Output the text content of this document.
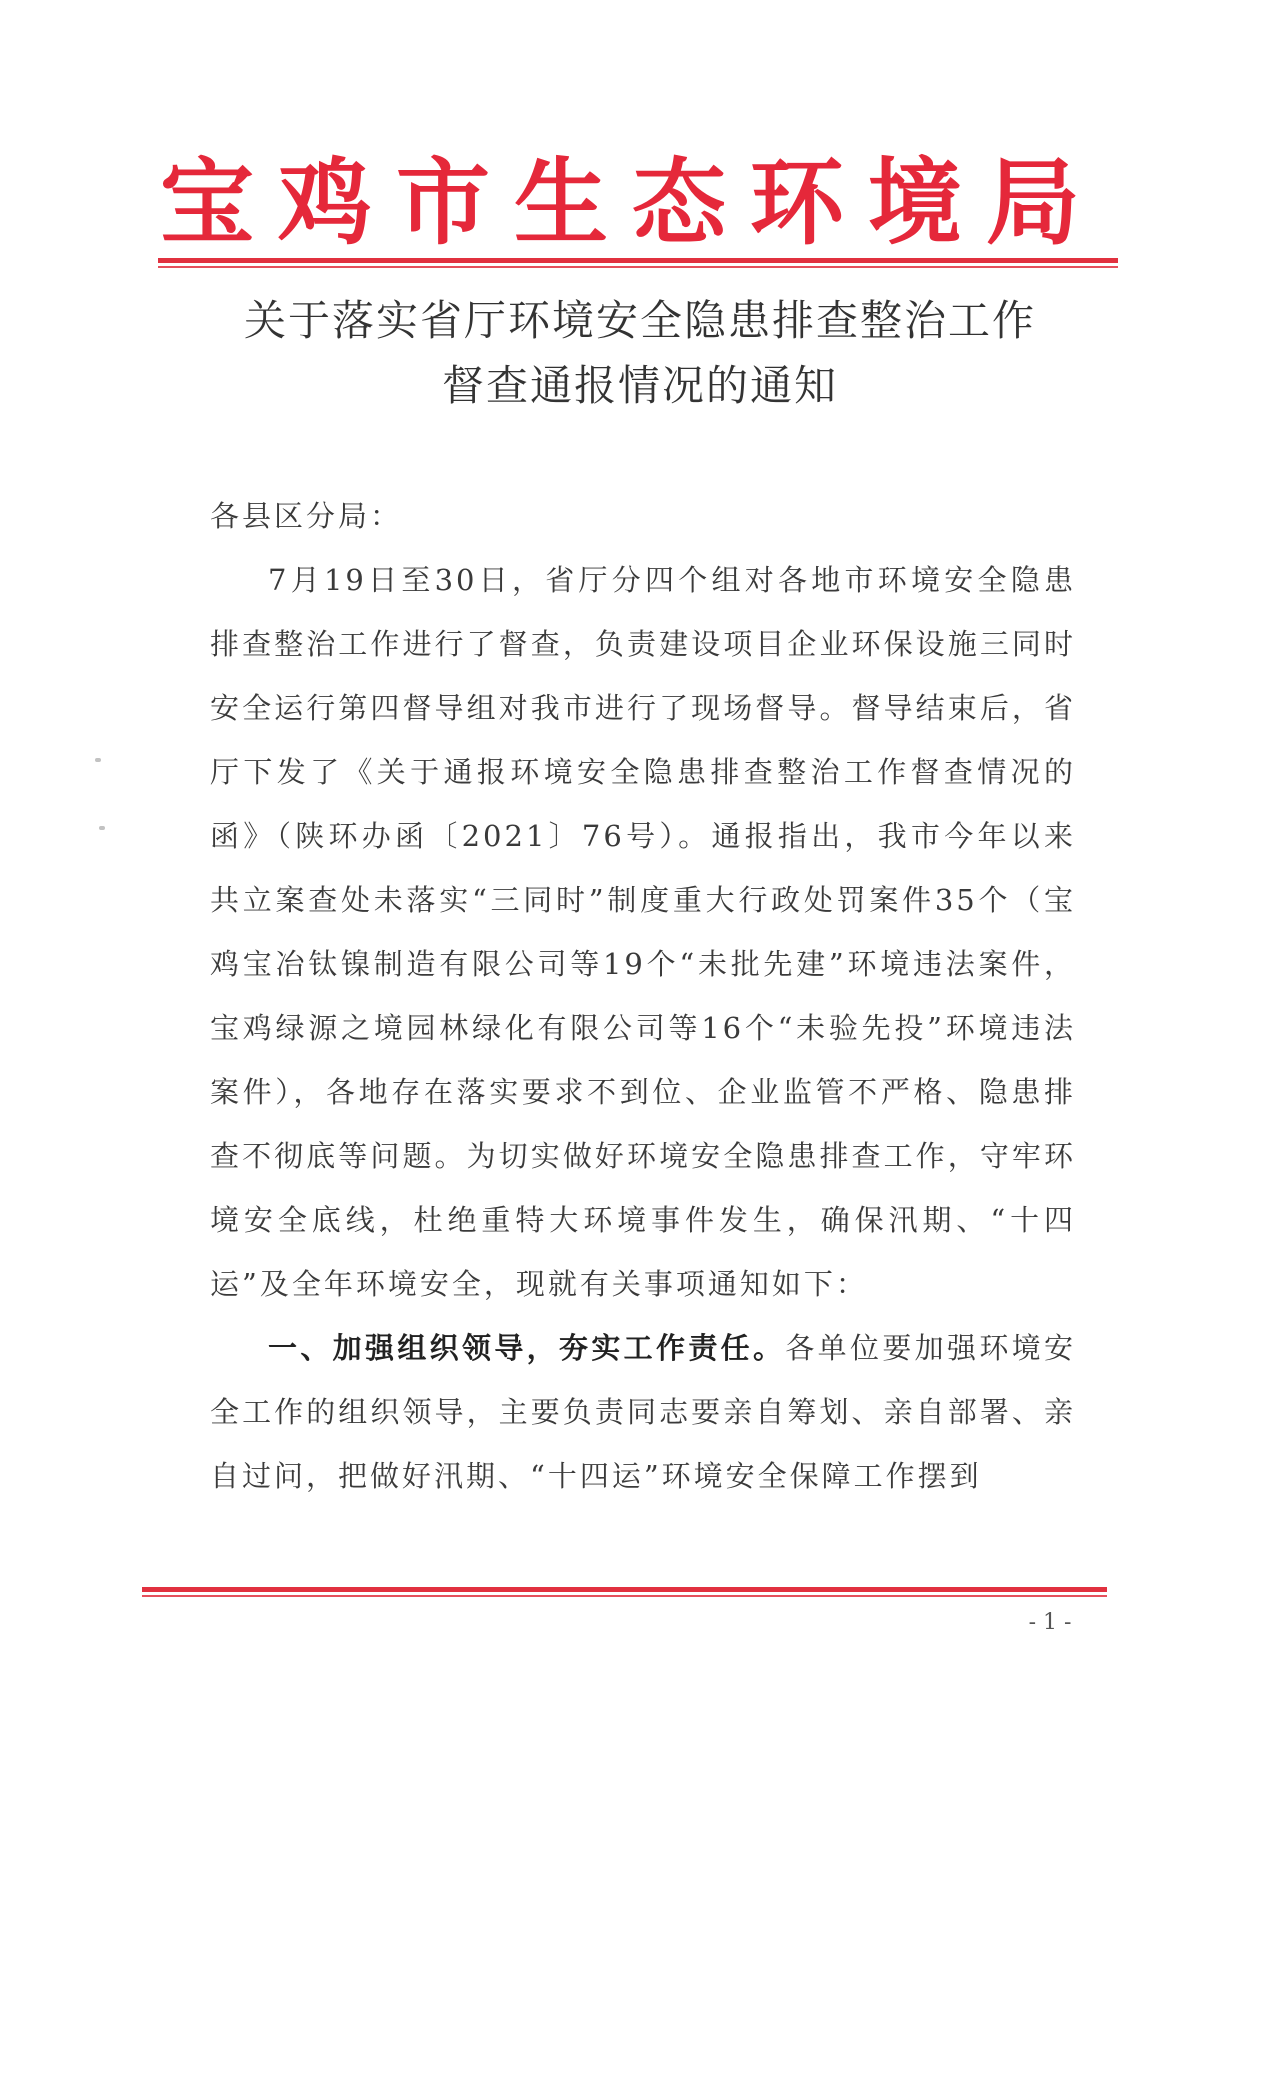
宝 鸡 市 生 态 环 境 局
关于落实省厅环境安全隐患排查整治工作
督查通报情况的通知

各县区分局：

7月19日至30日，省厅分四个组对各地市环境安全隐患排查整治工作进行了督查，负责建设项目企业环保设施三同时安全运行第四督导组对我市进行了现场督导。督导结束后，省厅下发了《关于通报环境安全隐患排查整治工作督查情况的函》（陕环办函〔2021〕76号）。通报指出，我市今年以来共立案查处未落实“三同时”制度重大行政处罚案件35个（宝鸡宝冶钛镍制造有限公司等19个“未批先建”环境违法案件，宝鸡绿源之境园林绿化有限公司等16个“未验先投”环境违法案件），各地存在落实要求不到位、企业监管不严格、隐患排查不彻底等问题。为切实做好环境安全隐患排查工作，守牢环境安全底线，杜绝重特大环境事件发生，确保汛期、“十四运”及全年环境安全，现就有关事项通知如下：

一、加强组织领导，夯实工作责任。各单位要加强环境安全工作的组织领导，主要负责同志要亲自筹划、亲自部署、亲自过问，把做好汛期、“十四运”环境安全保障工作摆到

- 1 -
